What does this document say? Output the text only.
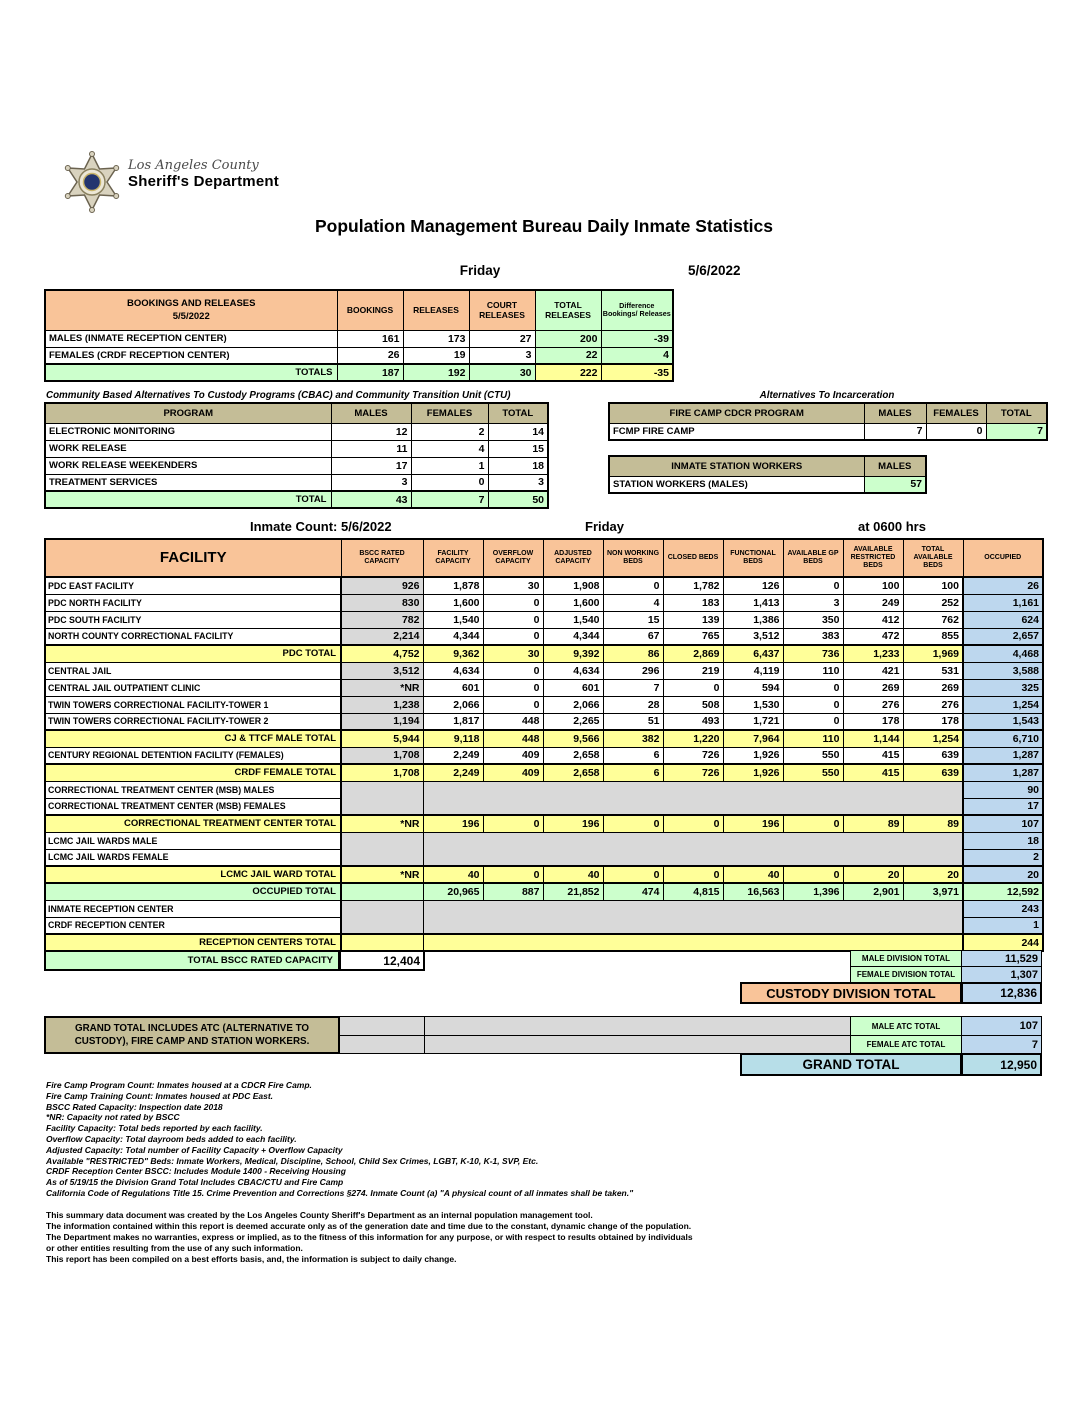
Los Angeles County
Sheriff's Department
Population Management Bureau Daily Inmate Statistics
Friday	5/6/2022
BOOKINGS AND RELEASES
5/5/2022	BOOKINGS	RELEASES	COURT RELEASES	TOTAL RELEASES	Difference Bookings/ Releases
MALES (INMATE RECEPTION CENTER)	161	173	27	200	-39
FEMALES (CRDF RECEPTION CENTER)	26	19	3	22	4
TOTALS	187	192	30	222	-35
Community Based Alternatives To Custody Programs (CBAC) and Community Transition Unit (CTU)
PROGRAM	MALES	FEMALES	TOTAL
ELECTRONIC MONITORING	12	2	14
WORK RELEASE	11	4	15
WORK RELEASE WEEKENDERS	17	1	18
TREATMENT SERVICES	3	0	3
TOTAL	43	7	50
Alternatives To Incarceration
FIRE CAMP CDCR PROGRAM	MALES	FEMALES	TOTAL
FCMP FIRE CAMP	7	0	7
INMATE STATION WORKERS	MALES
STATION WORKERS (MALES)	57
Inmate Count: 5/6/2022	Friday	at 0600 hrs
FACILITY	BSCC RATED CAPACITY	FACILITY CAPACITY	OVERFLOW CAPACITY	ADJUSTED CAPACITY	NON WORKING BEDS	CLOSED BEDS	FUNCTIONAL BEDS	AVAILABLE GP BEDS	AVAILABLE RESTRICTED BEDS	TOTAL AVAILABLE BEDS	OCCUPIED
PDC EAST FACILITY	926	1,878	30	1,908	0	1,782	126	0	100	100	26
PDC NORTH FACILITY	830	1,600	0	1,600	4	183	1,413	3	249	252	1,161
PDC SOUTH FACILITY	782	1,540	0	1,540	15	139	1,386	350	412	762	624
NORTH COUNTY CORRECTIONAL FACILITY	2,214	4,344	0	4,344	67	765	3,512	383	472	855	2,657
PDC TOTAL	4,752	9,362	30	9,392	86	2,869	6,437	736	1,233	1,969	4,468
CENTRAL JAIL	3,512	4,634	0	4,634	296	219	4,119	110	421	531	3,588
CENTRAL JAIL OUTPATIENT CLINIC	*NR	601	0	601	7	0	594	0	269	269	325
TWIN TOWERS CORRECTIONAL FACILITY-TOWER 1	1,238	2,066	0	2,066	28	508	1,530	0	276	276	1,254
TWIN TOWERS CORRECTIONAL FACILITY-TOWER 2	1,194	1,817	448	2,265	51	493	1,721	0	178	178	1,543
CJ & TTCF MALE TOTAL	5,944	9,118	448	9,566	382	1,220	7,964	110	1,144	1,254	6,710
CENTURY REGIONAL DETENTION FACILITY (FEMALES)	1,708	2,249	409	2,658	6	726	1,926	550	415	639	1,287
CRDF FEMALE TOTAL	1,708	2,249	409	2,658	6	726	1,926	550	415	639	1,287
CORRECTIONAL TREATMENT CENTER (MSB) MALES											90
CORRECTIONAL TREATMENT CENTER (MSB) FEMALES											17
CORRECTIONAL TREATMENT CENTER TOTAL	*NR	196	0	196	0	0	196	0	89	89	107
LCMC JAIL WARDS MALE											18
LCMC JAIL WARDS FEMALE											2
LCMC JAIL WARD TOTAL	*NR	40	0	40	0	0	40	0	20	20	20
OCCUPIED TOTAL		20,965	887	21,852	474	4,815	16,563	1,396	2,901	3,971	12,592
INMATE RECEPTION CENTER											243
CRDF RECEPTION CENTER											1
RECEPTION CENTERS TOTAL											244
TOTAL BSCC RATED CAPACITY	12,404	MALE DIVISION TOTAL	11,529
FEMALE DIVISION TOTAL	1,307
CUSTODY DIVISION TOTAL	12,836
GRAND TOTAL INCLUDES ATC (ALTERNATIVE TO CUSTODY), FIRE CAMP AND STATION WORKERS.
MALE ATC TOTAL	107
FEMALE ATC TOTAL	7
GRAND TOTAL	12,950
Fire Camp Program Count: Inmates housed at a CDCR Fire Camp.
Fire Camp Training Count: Inmates housed at PDC East.
BSCC Rated Capacity: Inspection date 2018
*NR: Capacity not rated by BSCC
Facility Capacity: Total beds reported by each facility.
Overflow Capacity: Total dayroom beds added to each facility.
Adjusted Capacity: Total number of Facility Capacity + Overflow Capacity
Available "RESTRICTED" Beds: Inmate Workers, Medical, Discipline, School, Child Sex Crimes, LGBT, K-10, K-1, SVP, Etc.
CRDF Reception Center BSCC: Includes Module 1400 - Receiving Housing
As of 5/19/15 the Division Grand Total Includes CBAC/CTU and Fire Camp
California Code of Regulations Title 15. Crime Prevention and Corrections §274. Inmate Count (a) "A physical count of all inmates shall be taken."
This summary data document was created by the Los Angeles County Sheriff's Department as an internal population management tool.
The information contained within this report is deemed accurate only as of the generation date and time due to the constant, dynamic change of the population.
The Department makes no warranties, express or implied, as to the fitness of this information for any purpose, or with respect to results obtained by individuals
or other entities resulting from the use of any such information.
This report has been compiled on a best efforts basis, and, the information is subject to daily change.
